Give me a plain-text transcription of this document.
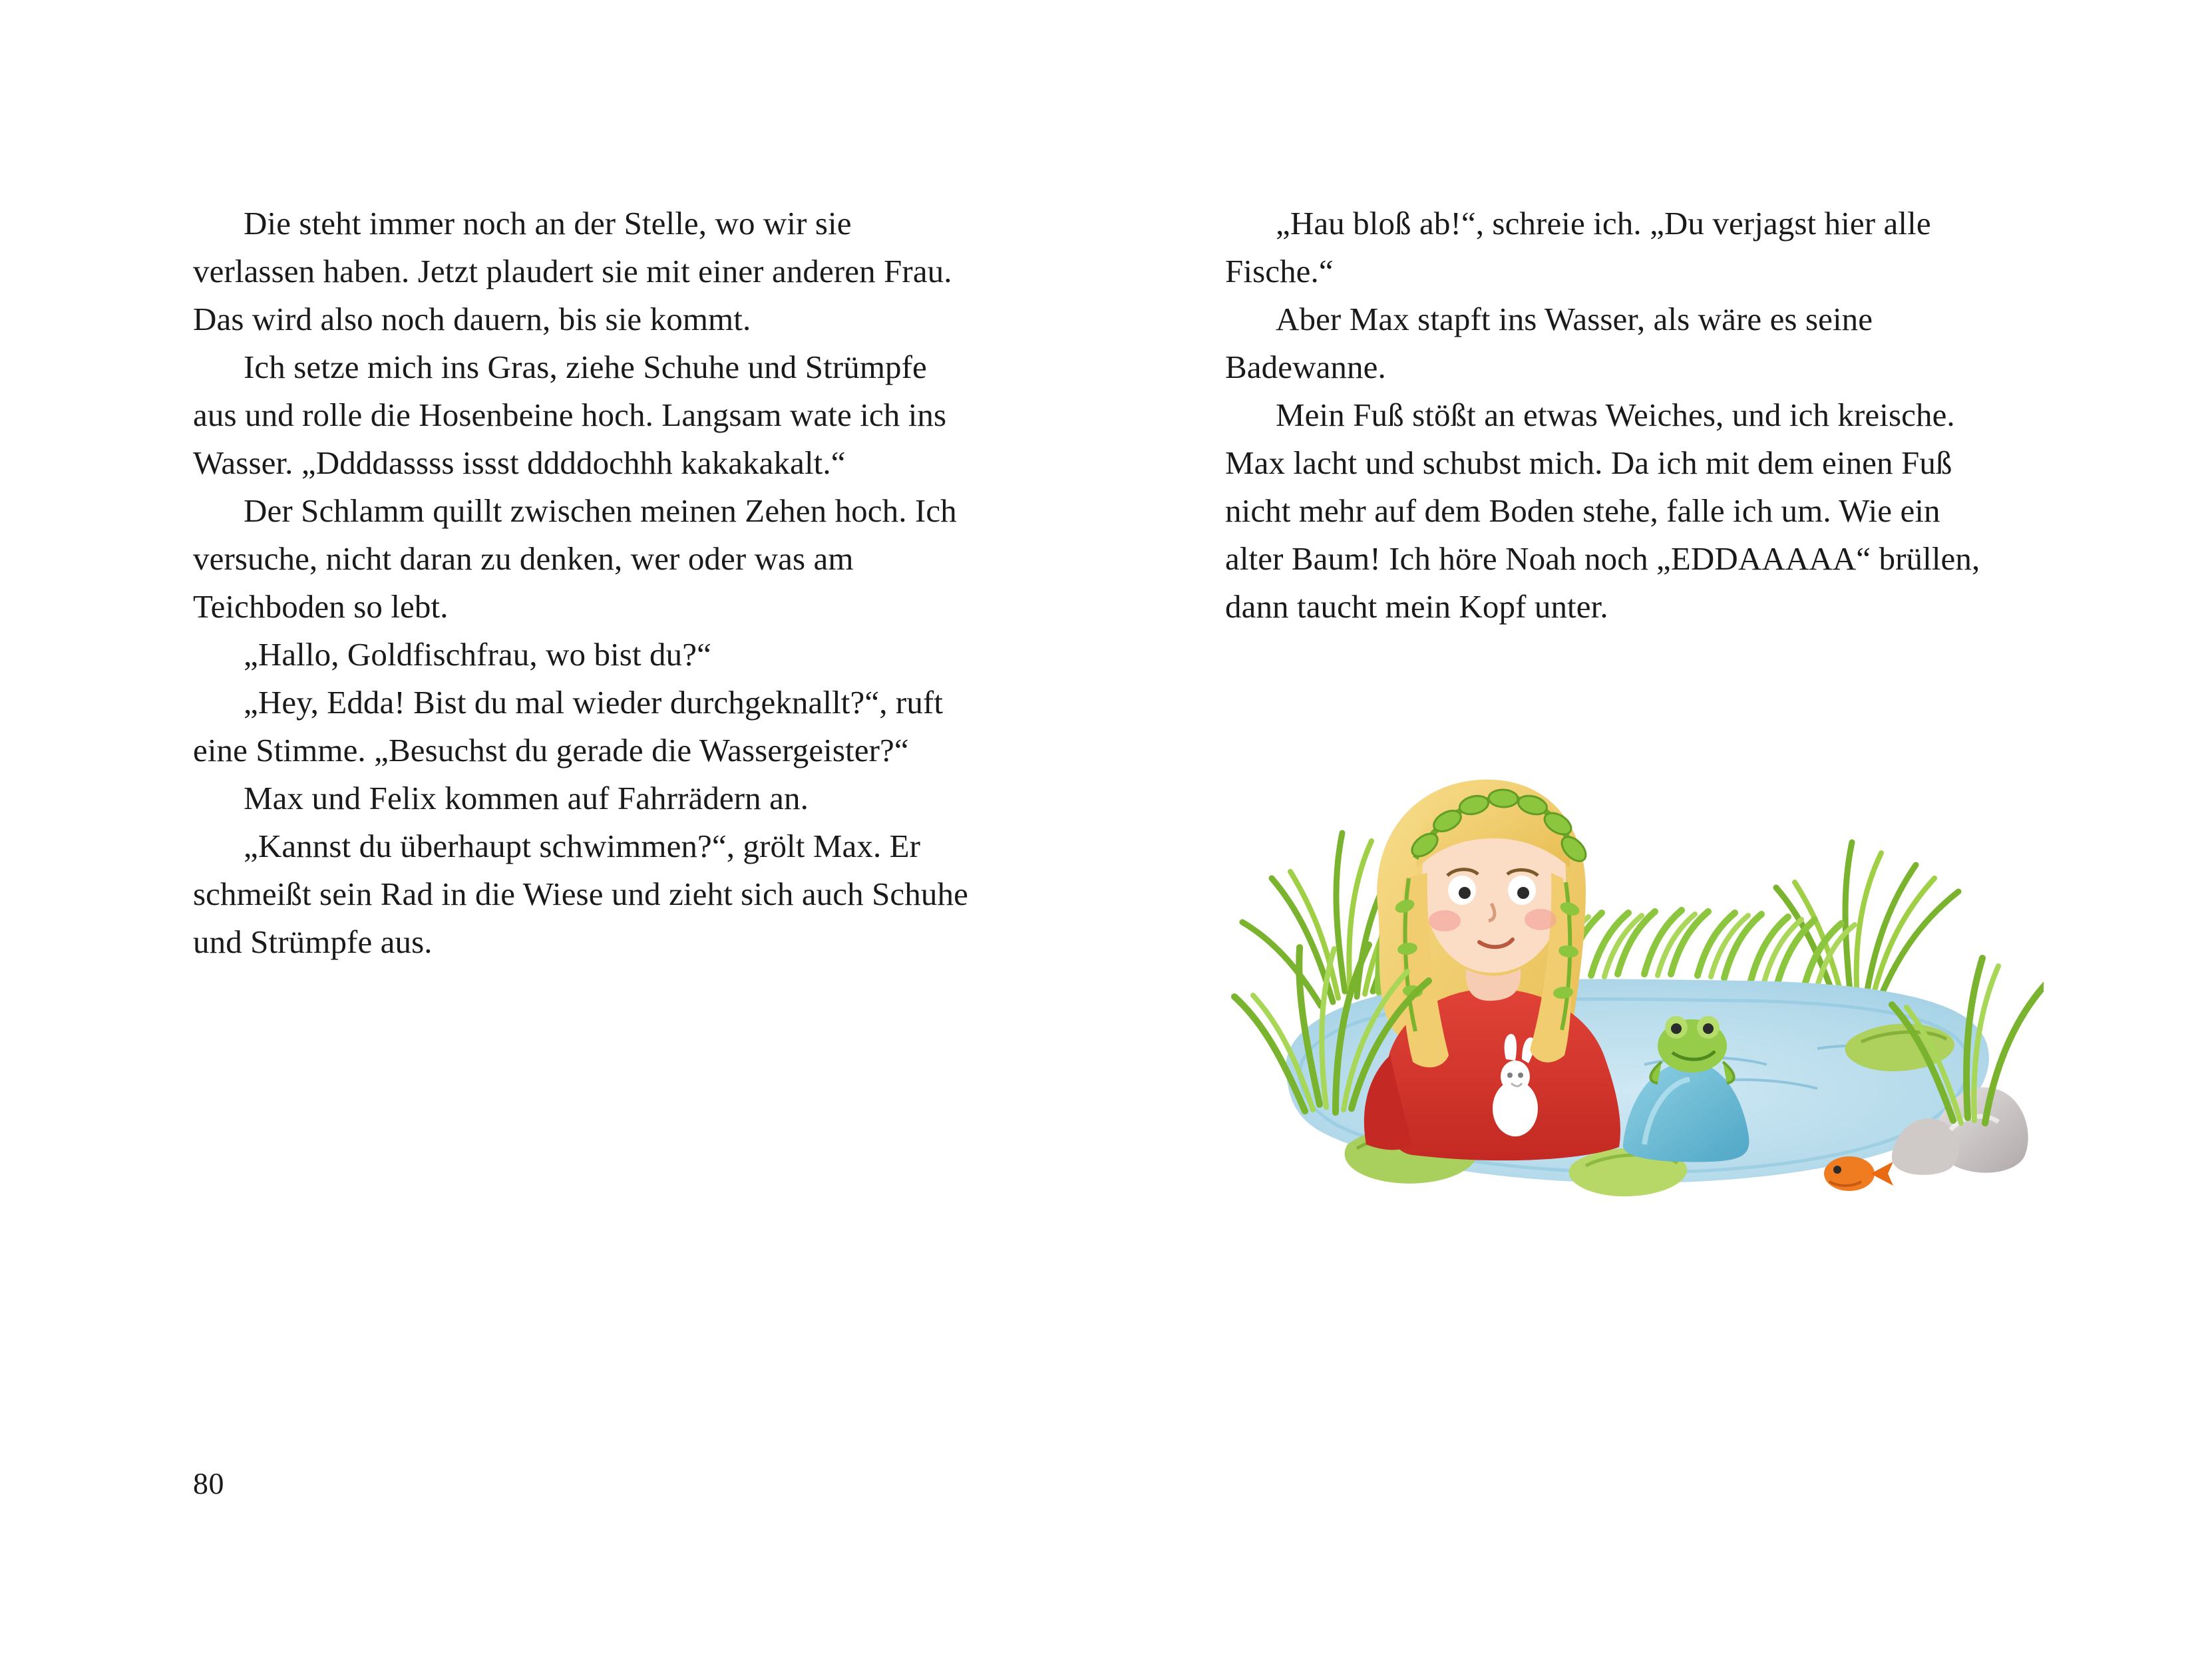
Die steht immer noch an der Stelle, wo wir sie verlassen haben. Jetzt plaudert sie mit einer anderen Frau. Das wird also noch dauern, bis sie kommt.

Ich setze mich ins Gras, ziehe Schuhe und Strümpfe aus und rolle die Hosenbeine hoch. Langsam wate ich ins Wasser. „Ddddassss issst ddddochhh kakakakalt.“

Der Schlamm quillt zwischen meinen Zehen hoch. Ich versuche, nicht daran zu denken, wer oder was am Teichboden so lebt.

„Hallo, Goldfischfrau, wo bist du?“

„Hey, Edda! Bist du mal wieder durchgeknallt?“, ruft eine Stimme. „Besuchst du gerade die Wassergeister?“

Max und Felix kommen auf Fahrrädern an.

„Kannst du überhaupt schwimmen?“, grölt Max. Er schmeißt sein Rad in die Wiese und zieht sich auch Schuhe und Strümpfe aus.

80

„Hau bloß ab!“, schreie ich. „Du verjagst hier alle Fische.“

Aber Max stapft ins Wasser, als wäre es seine Badewanne.

Mein Fuß stößt an etwas Weiches, und ich kreische. Max lacht und schubst mich. Da ich mit dem einen Fuß nicht mehr auf dem Boden stehe, falle ich um. Wie ein alter Baum! Ich höre Noah noch „EDDAAAAA“ brüllen, dann taucht mein Kopf unter.
